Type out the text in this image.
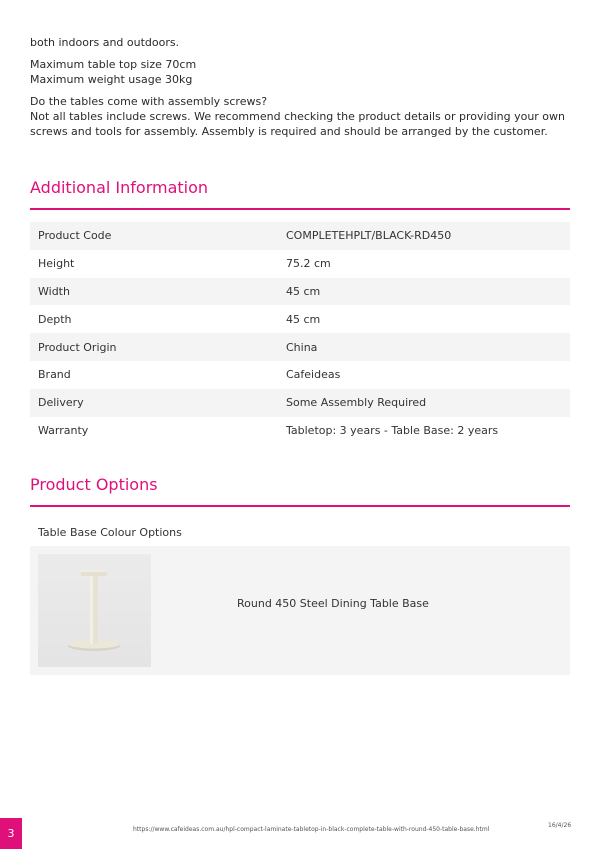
both indoors and outdoors.

Maximum table top size 70cm
Maximum weight usage 30kg

Do the tables come with assembly screws?
Not all tables include screws. We recommend checking the product details or providing your own screws and tools for assembly. Assembly is required and should be arranged by the customer.

Additional Information
Product Code	COMPLETEHPLT/BLACK-RD450
Height	75.2 cm
Width	45 cm
Depth	45 cm
Product Origin	China
Brand	Cafeideas
Delivery	Some Assembly Required
Warranty	Tabletop: 3 years - Table Base: 2 years
Product Options
Table Base Colour Options
Round 450 Steel Dining Table Base
3	https://www.cafeideas.com.au/hpl-compact-laminate-tabletop-in-black-complete-table-with-round-450-table-base.html
16/4/26
